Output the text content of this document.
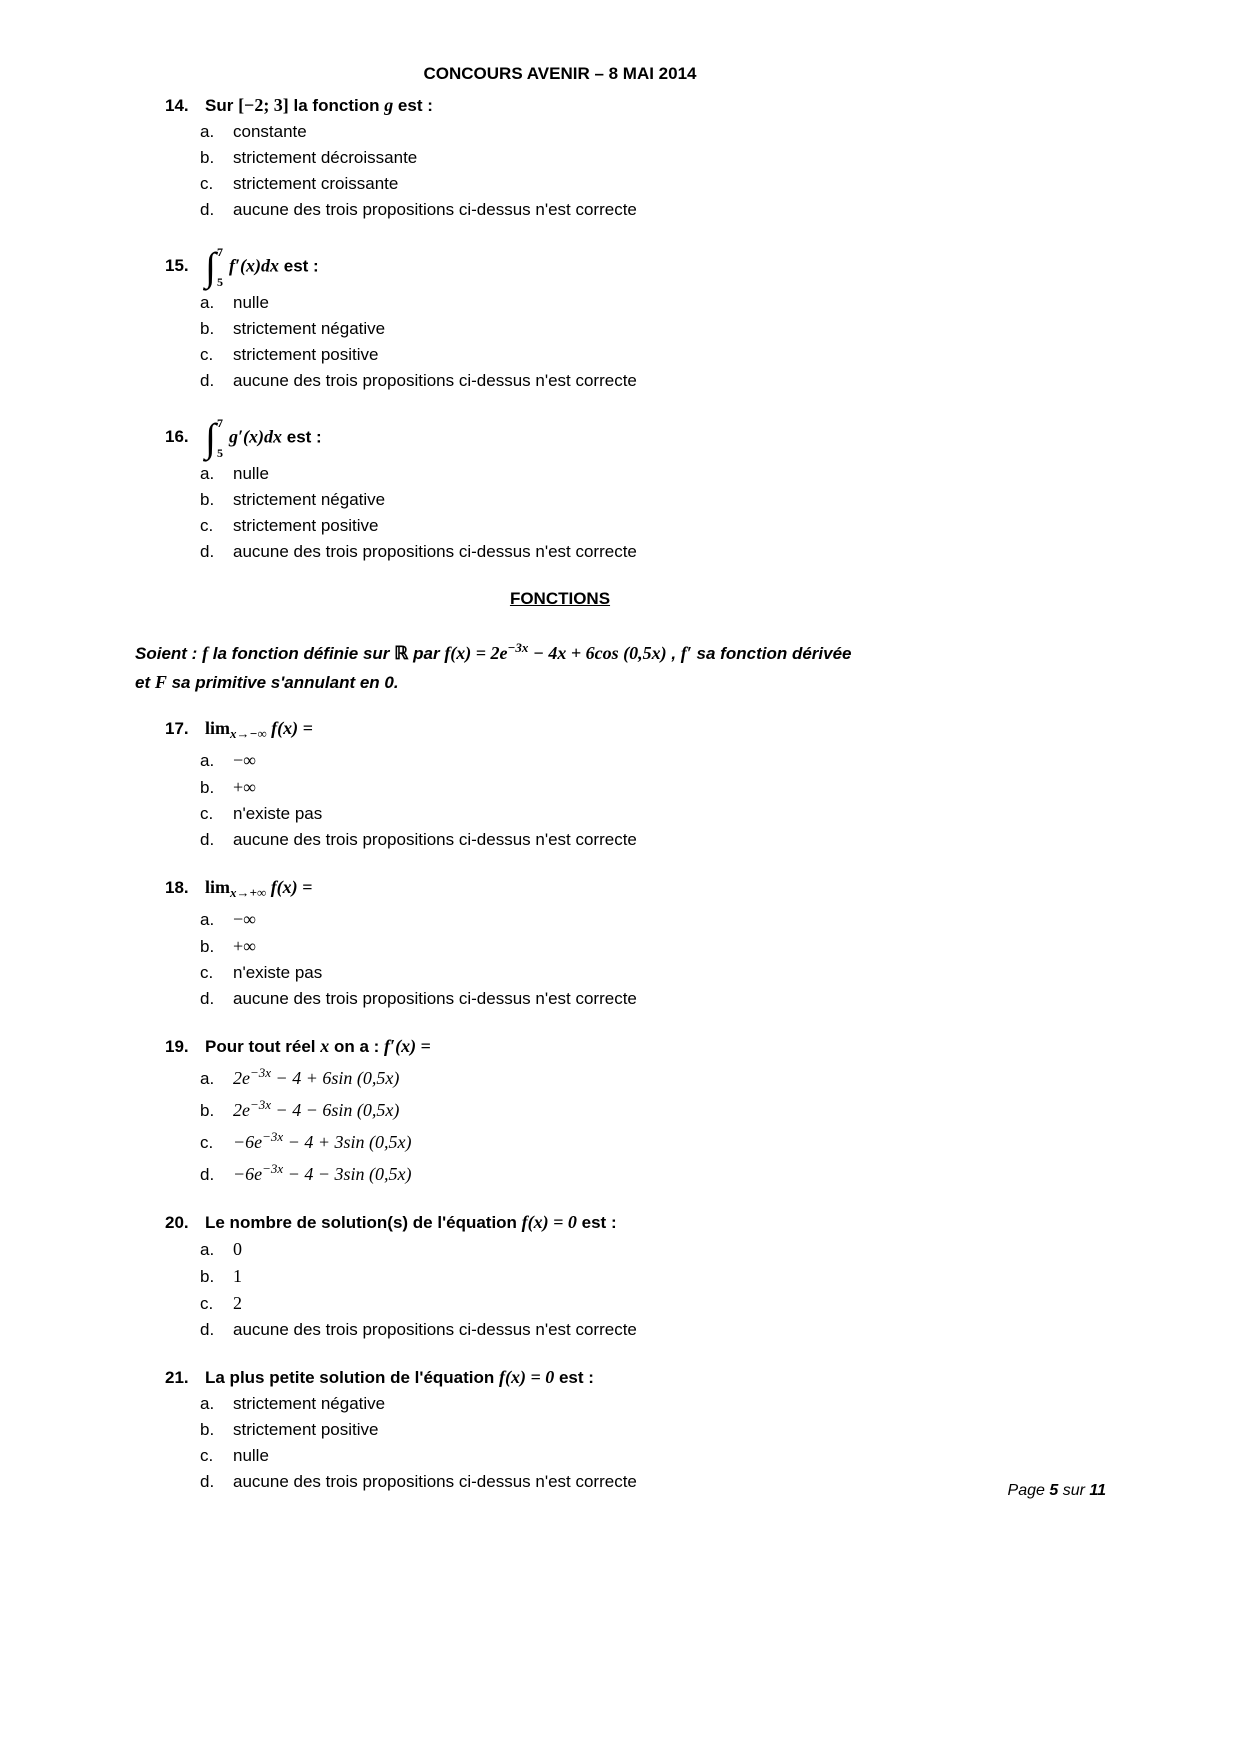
CONCOURS AVENIR – 8 MAI 2014
14. Sur [−2; 3] la fonction g est :
a.	constante
b.	strictement décroissante
c.	strictement croissante
d.	aucune des trois propositions ci-dessus n'est correcte
15. ∫ 7
5
f′(x)dx est :
a.	nulle
b.	strictement négative
c.	strictement positive
d.	aucune des trois propositions ci-dessus n'est correcte
16. ∫ 7
5
g′(x)dx est :
a.	nulle
b.	strictement négative
c.	strictement positive
d.	aucune des trois propositions ci-dessus n'est correcte
FONCTIONS
Soient : f la fonction définie sur ℝ par $f(x) = 2e^{-3x} - 4x + 6\cos$ (0,5x) , f′ sa fonction dérivée
et F sa primitive s'annulant en 0.
17. $\lim_{x\to-\infty} f(x)$ =
a.	−∞
b.	+∞
c.	n'existe pas
d.	aucune des trois propositions ci-dessus n'est correcte
18. $\lim_{x\to+\infty} f(x)$ =
a.	−∞
b.	+∞
c.	n'existe pas
d.	aucune des trois propositions ci-dessus n'est correcte
19. Pour tout réel x on a : f′(x) =
a.	$2e^{-3x} - 4 + 6\sin$ (0,5x)
b.	$2e^{-3x} - 4 - 6\sin$ (0,5x)
c.	$-6e^{-3x} - 4 + 3\sin$ (0,5x)
d.	$-6e^{-3x} - 4 - 3\sin$ (0,5x)
20. Le nombre de solution(s) de l'équation f(x) = 0 est :
a.	0
b.	1
c.	2
d.	aucune des trois propositions ci-dessus n'est correcte
21. La plus petite solution de l'équation f(x) = 0 est :
a.	strictement négative
b.	strictement positive
c.	nulle
d.	aucune des trois propositions ci-dessus n'est correcte	Page 5 sur 11
